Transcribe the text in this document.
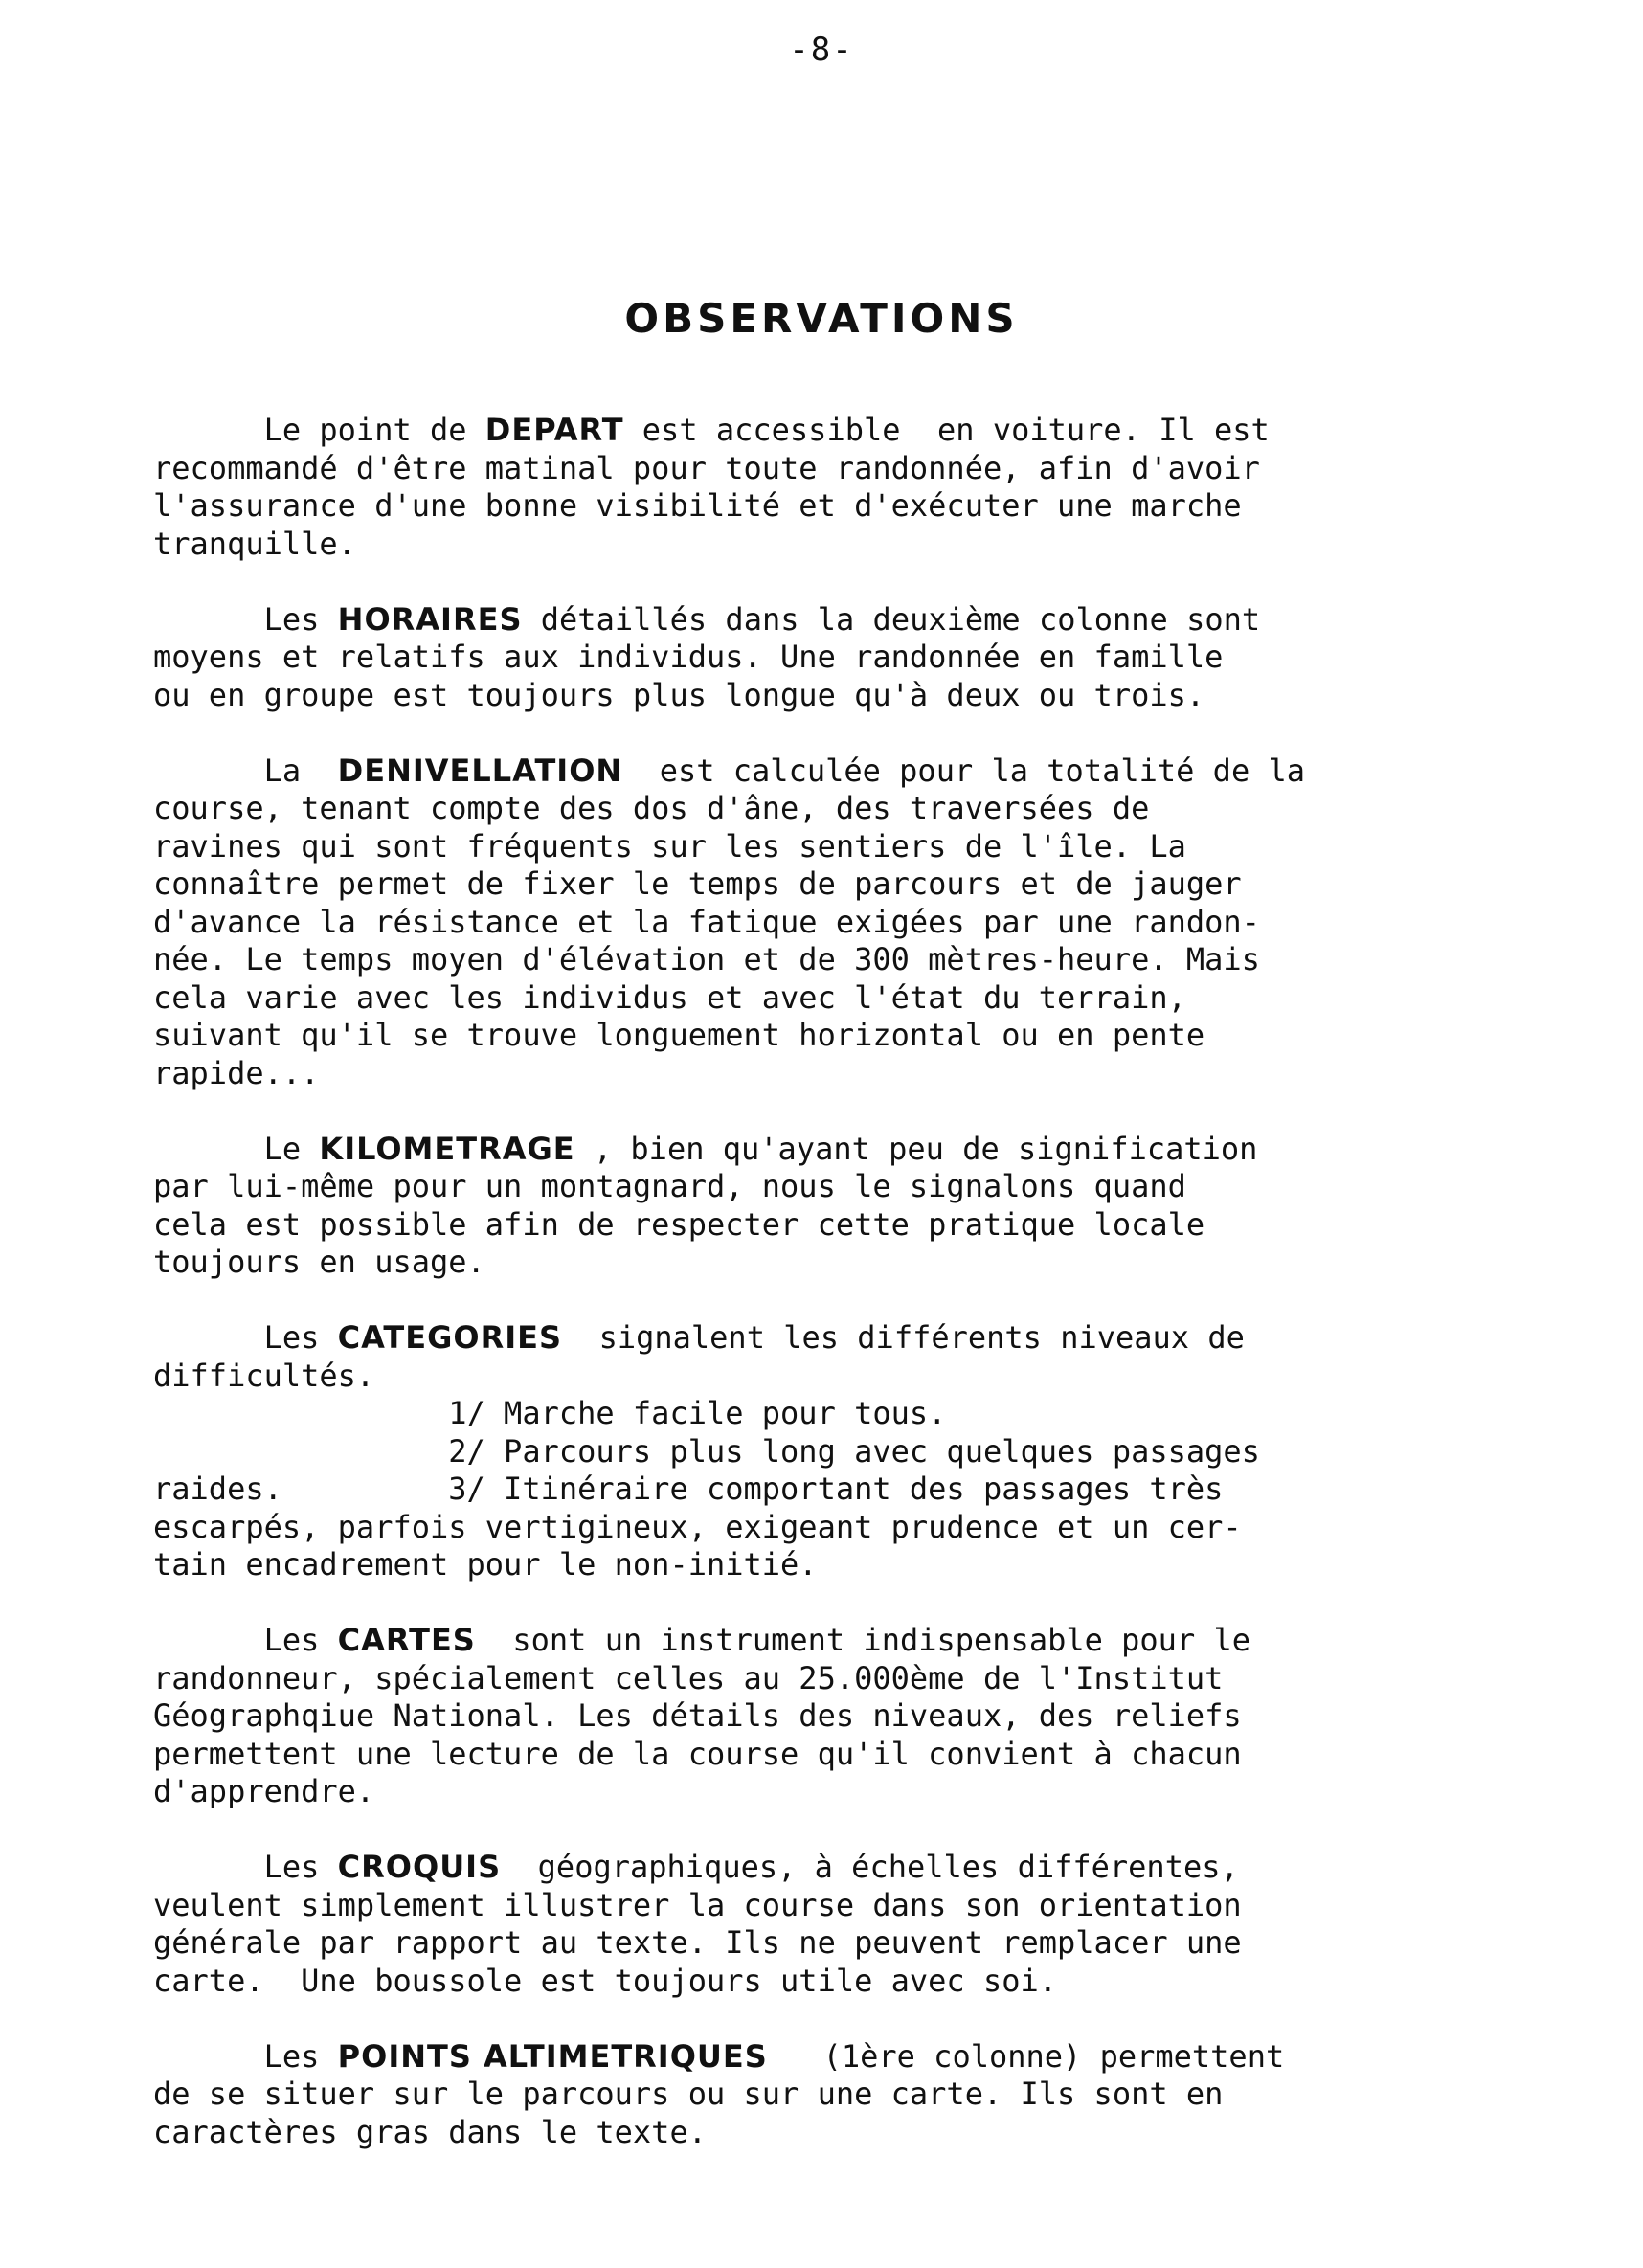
-8-
OBSERVATIONS
Le point de DEPART est accessible  en voiture. Il est
recommandé d'être matinal pour toute randonnée, afin d'avoir
l'assurance d'une bonne visibilité et d'exécuter une marche
tranquille.
Les HORAIRES détaillés dans la deuxième colonne sont
moyens et relatifs aux individus. Une randonnée en famille
ou en groupe est toujours plus longue qu'à deux ou trois.
La  DENIVELLATION  est calculée pour la totalité de la
course, tenant compte des dos d'âne, des traversées de
ravines qui sont fréquents sur les sentiers de l'île. La
connaître permet de fixer le temps de parcours et de jauger
d'avance la résistance et la fatique exigées par une randon-
née. Le temps moyen d'élévation et de 300 mètres-heure. Mais
cela varie avec les individus et avec l'état du terrain,
suivant qu'il se trouve longuement horizontal ou en pente
rapide...
Le KILOMETRAGE , bien qu'ayant peu de signification
par lui-même pour un montagnard, nous le signalons quand
cela est possible afin de respecter cette pratique locale
toujours en usage.
Les CATEGORIES  signalent les différents niveaux de
difficultés.
1/ Marche facile pour tous.
2/ Parcours plus long avec quelques passages
raides.         3/ Itinéraire comportant des passages très
escarpés, parfois vertigineux, exigeant prudence et un cer-
tain encadrement pour le non-initié.
Les CARTES  sont un instrument indispensable pour le
randonneur, spécialement celles au 25.000ème de l'Institut
Géographqiue National. Les détails des niveaux, des reliefs
permettent une lecture de la course qu'il convient à chacun
d'apprendre.
Les CROQUIS  géographiques, à échelles différentes,
veulent simplement illustrer la course dans son orientation
générale par rapport au texte. Ils ne peuvent remplacer une
carte.  Une boussole est toujours utile avec soi.
Les POINTS ALTIMETRIQUES   (1ère colonne) permettent
de se situer sur le parcours ou sur une carte. Ils sont en
caractères gras dans le texte.
